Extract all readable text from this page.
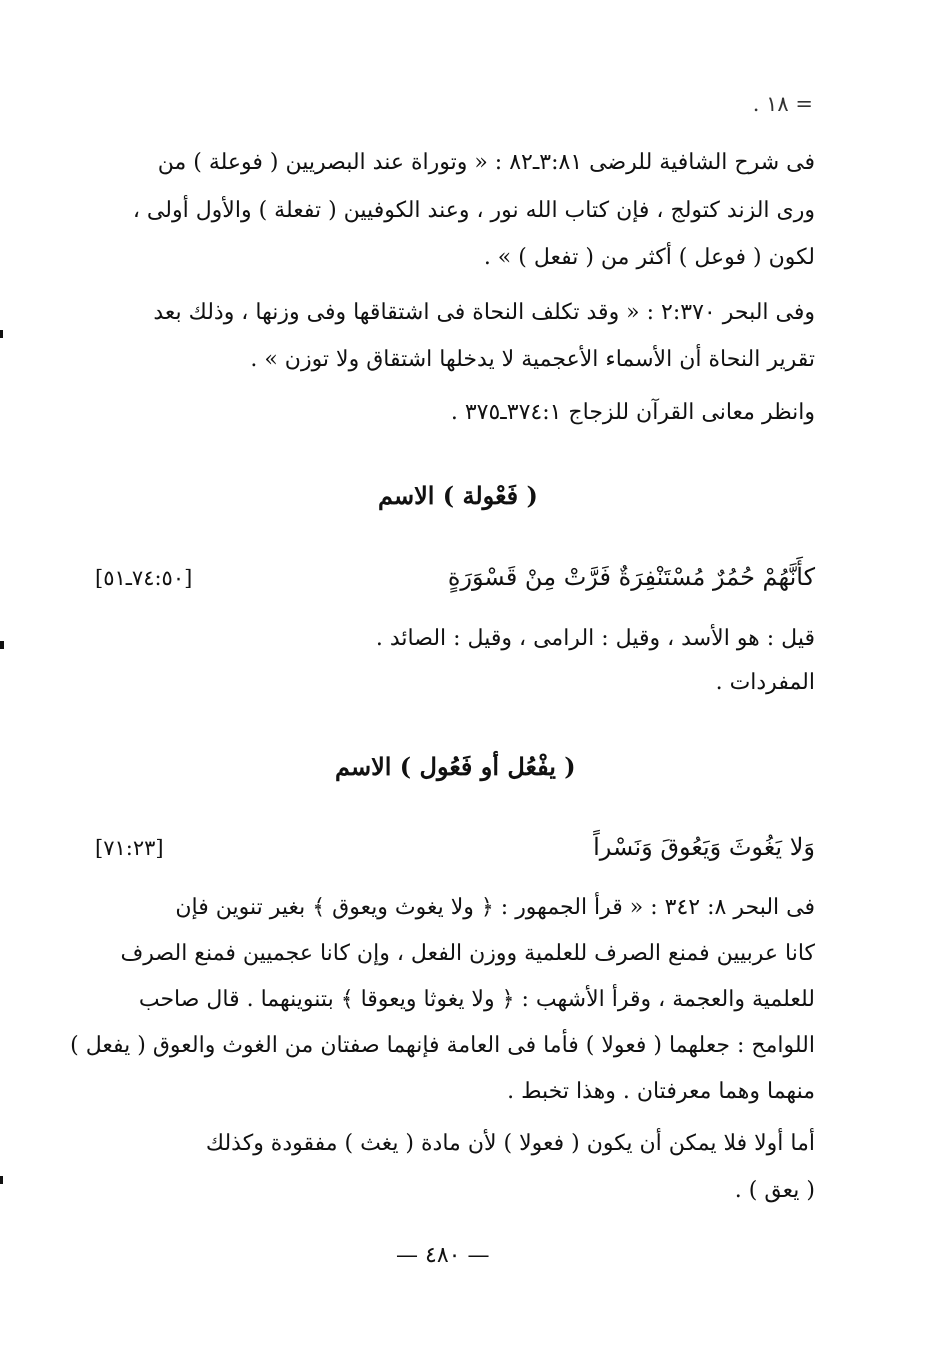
= ١٨ .
فى شرح الشافية للرضى ٣:٨١ـ٨٢ : « وتوراة عند البصريين ( فوعلة ) من
ورى الزند كتولج ، فإن كتاب الله نور ، وعند الكوفيين ( تفعلة ) والأول أولى ،
لكون ( فوعل ) أكثر من ( تفعل ) » .
وفى البحر ٢:٣٧٠ : « وقد تكلف النحاة فى اشتقاقها وفى وزنها ، وذلك بعد
تقرير النحاة أن الأسماء الأعجمية لا يدخلها اشتقاق ولا توزن » .
وانظر معانى القرآن للزجاج ٣٧٤:١ـ٣٧٥ .
( فَعْولة ) الاسم
كأَنَّهُمْ حُمُرٌ مُسْتَنْفِرَةٌ فَرَّتْ مِنْ قَسْوَرَةٍ
[٧٤:٥٠ـ٥١]
قيل : هو الأسد ، وقيل : الرامى ، وقيل : الصائد .
المفردات .
( يفْعُل أو فَعُول ) الاسم
وَلا يَغُوثَ وَيَعُوقَ وَنَسْراً
[٧١:٢٣]
فى البحر ٨: ٣٤٢ : « قرأ الجمهور : ﴿ ولا يغوث ويعوق ﴾ بغير تنوين فإن
كانا عربيين فمنع الصرف للعلمية ووزن الفعل ، وإن كانا عجميين فمنع الصرف
للعلمية والعجمة ، وقرأ الأشهب : ﴿ ولا يغوثا ويعوقا ﴾ بتنوينهما . قال صاحب
اللوامح : جعلهما ( فعولا ) فأما فى العامة فإنهما صفتان من الغوث والعوق ( يفعل )
منهما وهما معرفتان . وهذا تخبط .
أما أولا فلا يمكن أن يكون ( فعولا ) لأن مادة ( يغث ) مفقودة وكذلك
( يعق ) .
— ٤٨٠ —
